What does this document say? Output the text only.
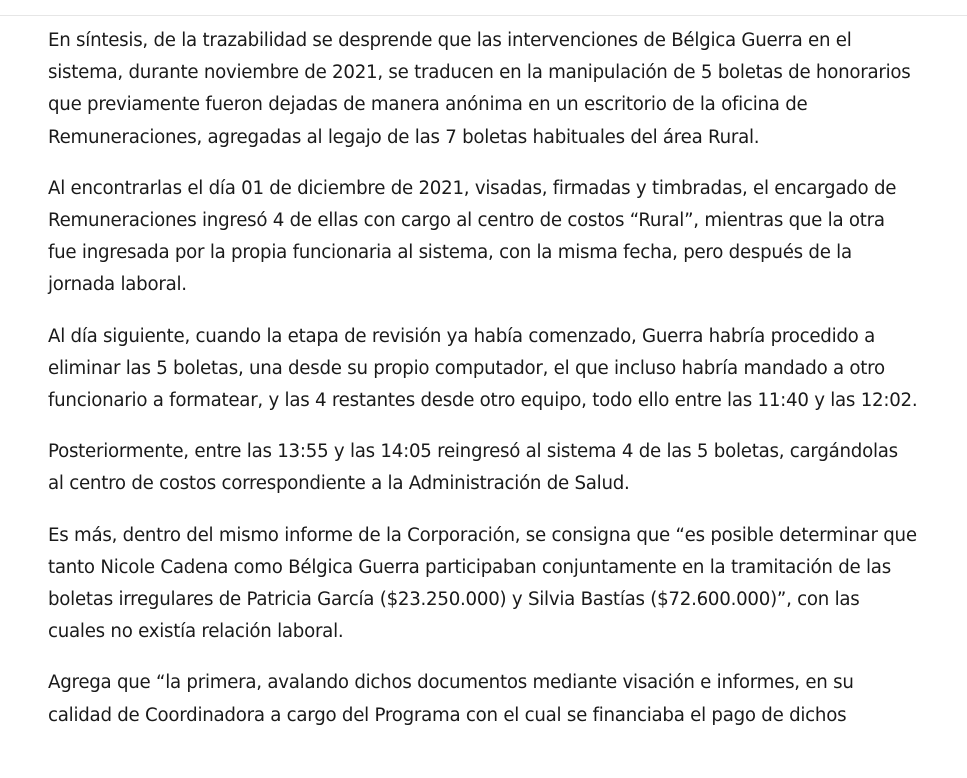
En síntesis, de la trazabilidad se desprende que las intervenciones de Bélgica Guerra en el sistema, durante noviembre de 2021, se traducen en la manipulación de 5 boletas de honorarios que previamente fueron dejadas de manera anónima en un escritorio de la oficina de Remuneraciones, agregadas al legajo de las 7 boletas habituales del área Rural.

Al encontrarlas el día 01 de diciembre de 2021, visadas, firmadas y timbradas, el encargado de Remuneraciones ingresó 4 de ellas con cargo al centro de costos “Rural”, mientras que la otra fue ingresada por la propia funcionaria al sistema, con la misma fecha, pero después de la jornada laboral.

Al día siguiente, cuando la etapa de revisión ya había comenzado, Guerra habría procedido a eliminar las 5 boletas, una desde su propio computador, el que incluso habría mandado a otro funcionario a formatear, y las 4 restantes desde otro equipo, todo ello entre las 11:40 y las 12:02.

Posteriormente, entre las 13:55 y las 14:05 reingresó al sistema 4 de las 5 boletas, cargándolas al centro de costos correspondiente a la Administración de Salud.

Es más, dentro del mismo informe de la Corporación, se consigna que “es posible determinar que tanto Nicole Cadena como Bélgica Guerra participaban conjuntamente en la tramitación de las boletas irregulares de Patricia García ($23.250.000) y Silvia Bastías ($72.600.000)”, con las cuales no existía relación laboral.

Agrega que “la primera, avalando dichos documentos mediante visación e informes, en su calidad de Coordinadora a cargo del Programa con el cual se financiaba el pago de dichos
